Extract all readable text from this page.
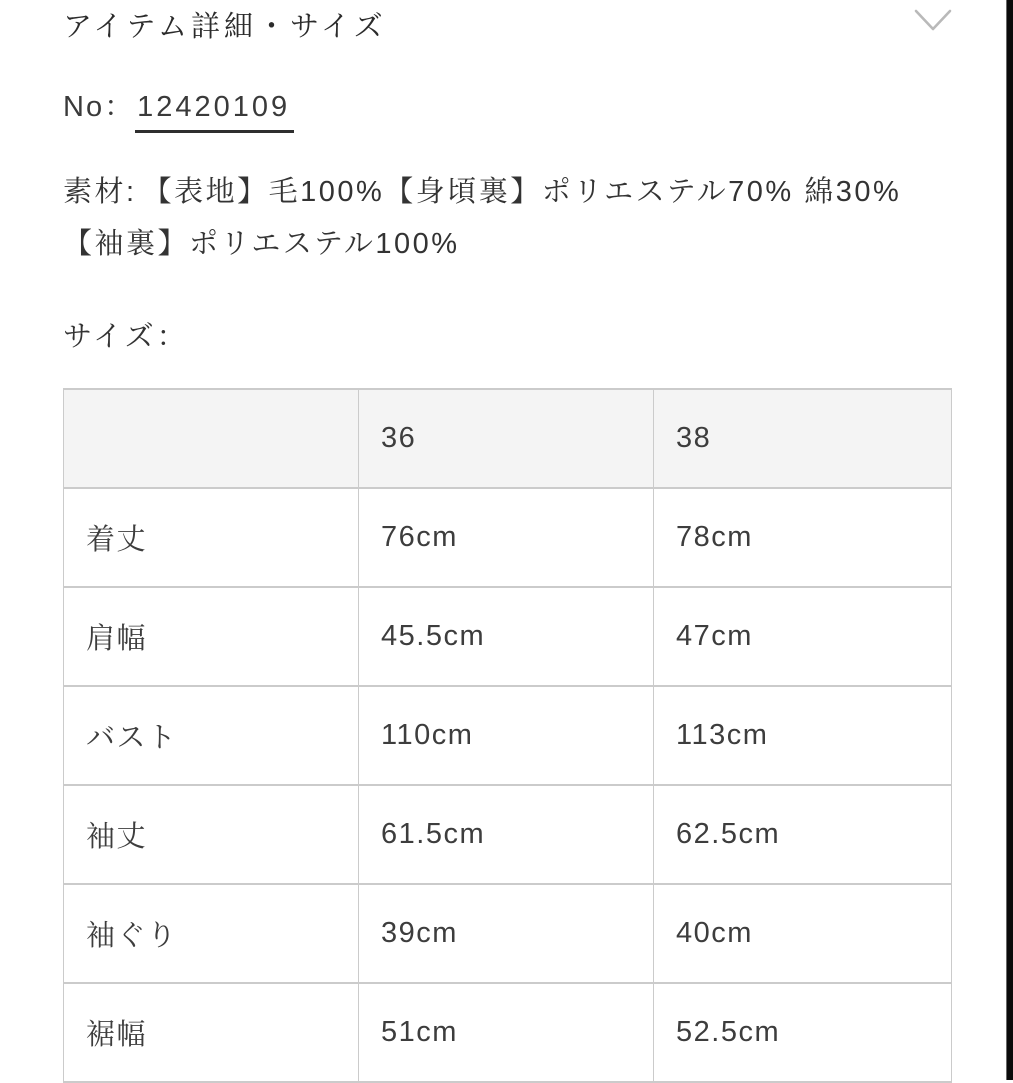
アイテム詳細・サイズ
No：12420109
素材: 【表地】毛100%【身頃裏】ポリエステル70% 綿30%
【袖裏】ポリエステル100%
サイズ：
	36	38
着丈	76cm	78cm
肩幅	45.5cm	47cm
バスト	110cm	113cm
袖丈	61.5cm	62.5cm
袖ぐり	39cm	40cm
裾幅	51cm	52.5cm
